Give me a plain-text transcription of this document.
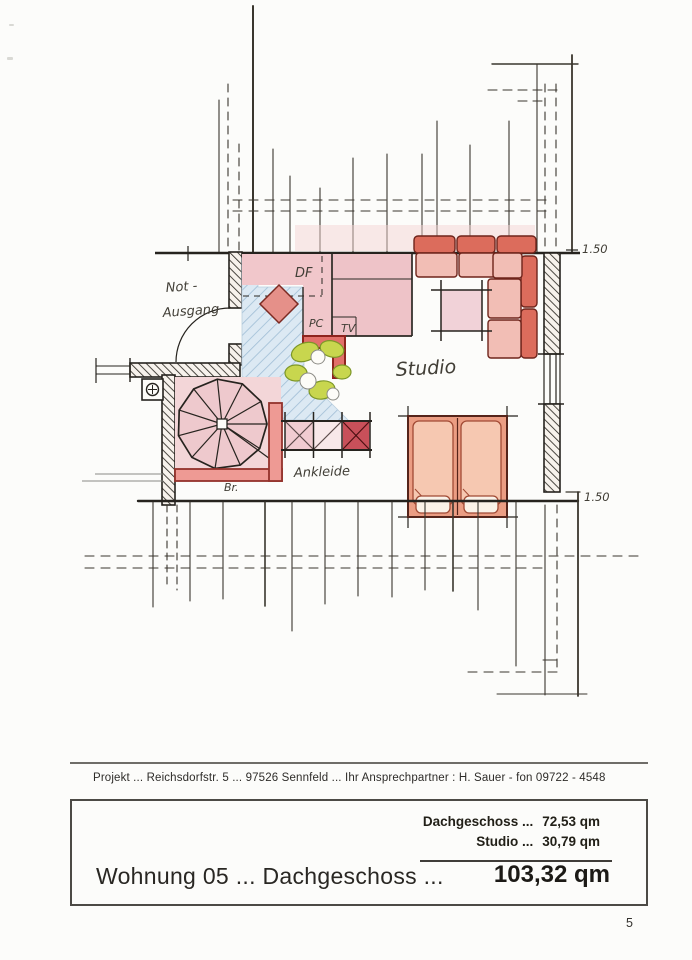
1.50
1.50
Not -
Ausgang
DF
PC TV
Studio
Ankleide
Br.
Projekt ... Reichsdorfstr. 5 ... 97526 Sennfeld ... Ihr Ansprechpartner : H. Sauer - fon 09722 - 4548
Dachgeschoss ... 72,53 qm
Studio ... 30,79 qm
Wohnung 05 ... Dachgeschoss ... 103,32 qm
5
